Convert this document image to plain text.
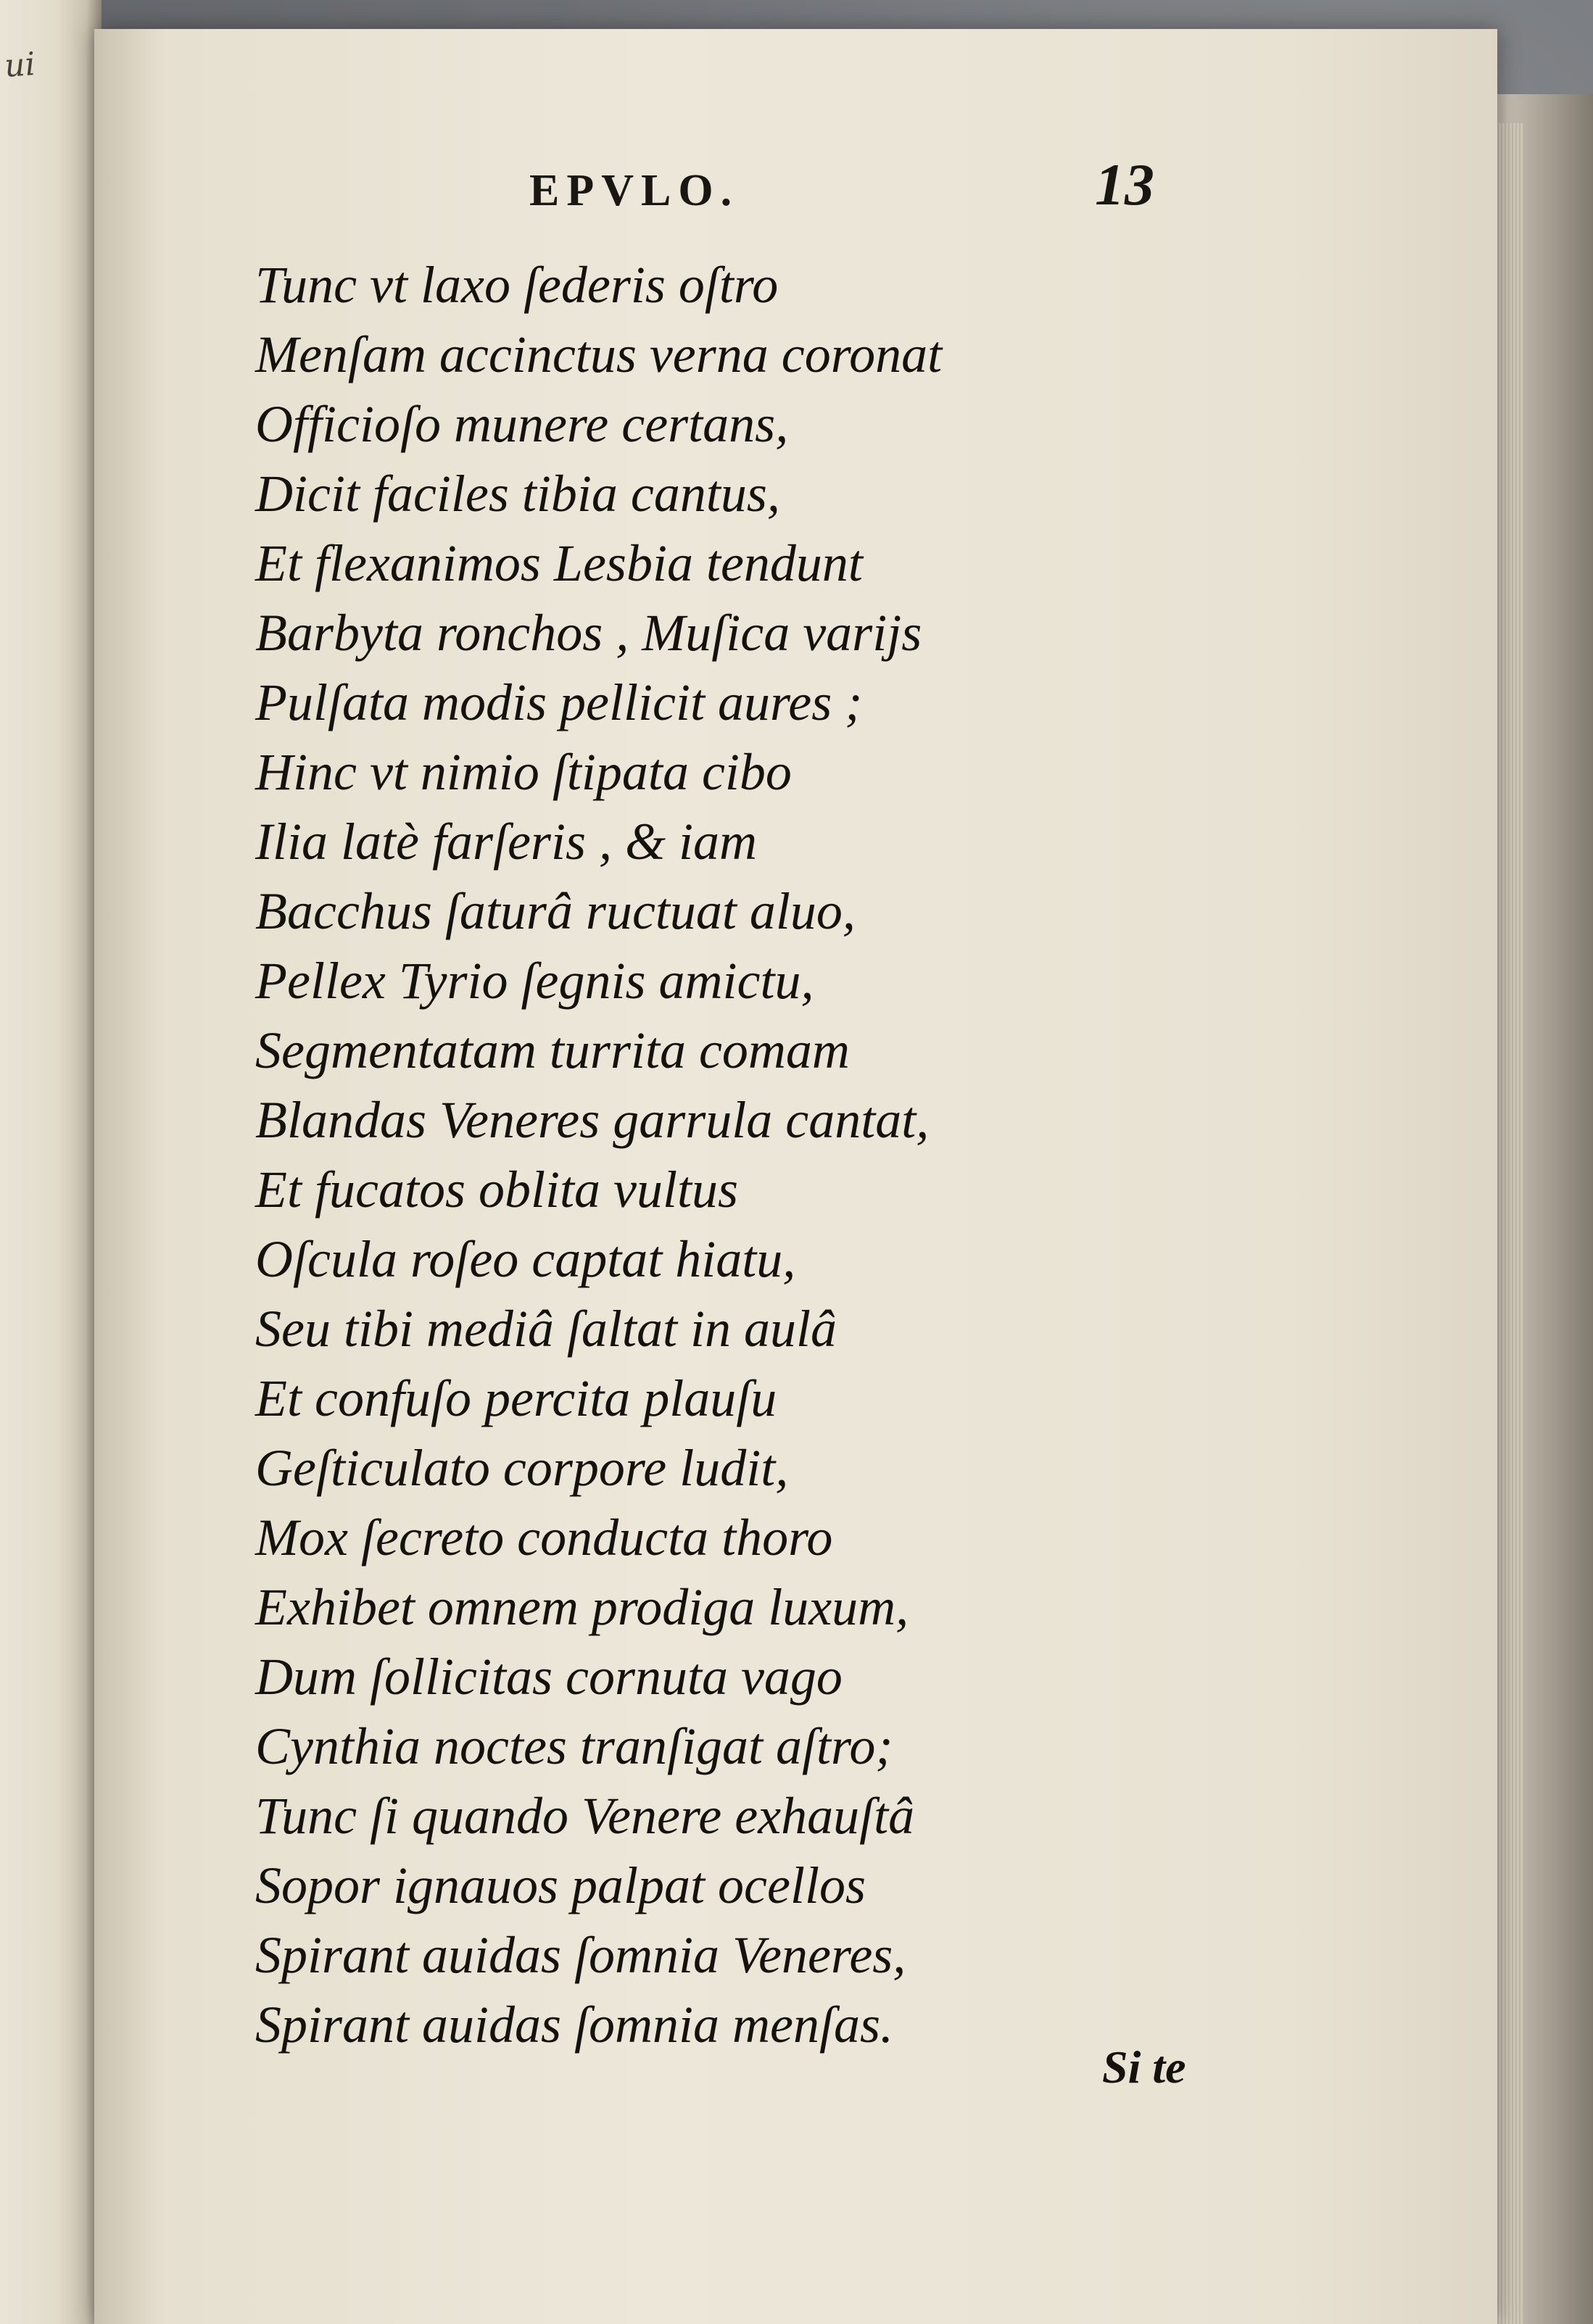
ui
EPVLO.	13
Tunc vt laxo ſederis oſtro
Menſam accinctus verna coronat
Officioſo munere certans,
Dicit faciles tibia cantus,
Et flexanimos Lesbia tendunt
Barbyta ronchos , Muſica variјs
Pulſata modis pellicit aures ;
Hinc vt nimio ſtipata cibo
Ilia latè farſeris , & iam
Bacchus ſaturâ ructuat aluo,
Pellex Tyrio ſegnis amictu,
Segmentatam turrita comam
Blandas Veneres garrula cantat,
Et fucatos oblita vultus
Oſcula roſeo captat hiatu,
Seu tibi mediâ ſaltat in aulâ
Et confuſo percita plauſu
Geſticulato corpore ludit,
Mox ſecreto conducta thoro
Exhibet omnem prodiga luxum,
Dum ſollicitas cornuta vago
Cynthia noctes tranſigat aſtro;
Tunc ſi quando Venere exhauſtâ
Sopor ignauos palpat ocellos
Spirant auidas ſomnia Veneres,
Spirant auidas ſomnia menſas.
Si te
